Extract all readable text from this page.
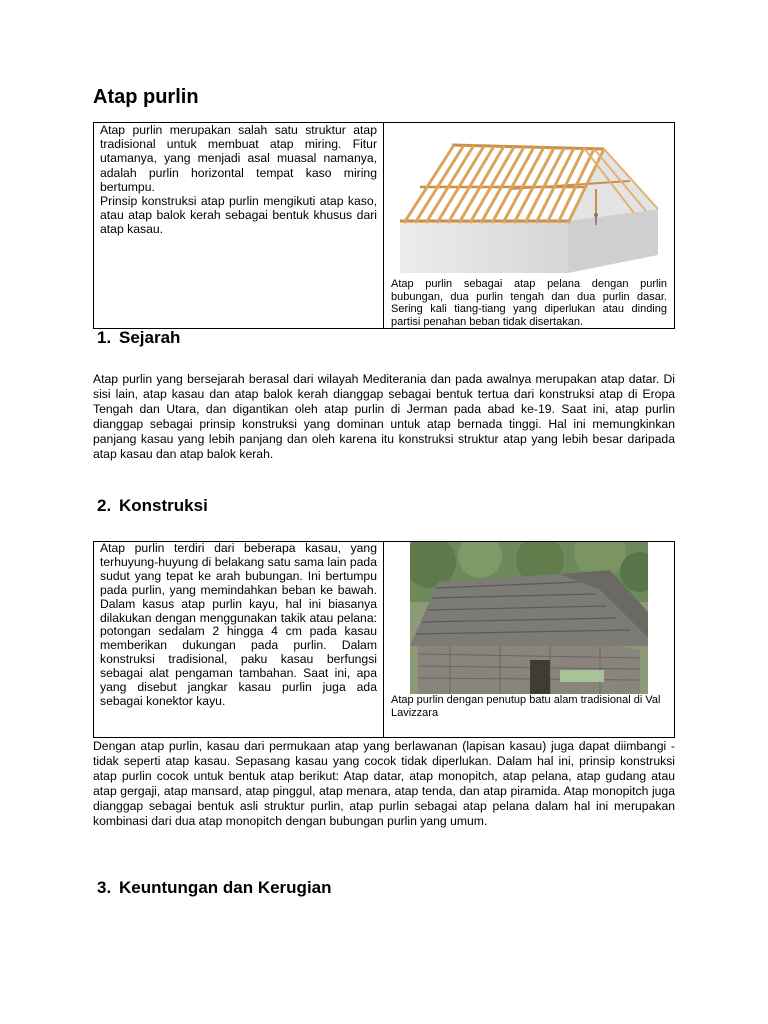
Atap purlin
Atap purlin merupakan salah satu struktur atap tradisional untuk membuat atap miring. Fitur utamanya, yang menjadi asal muasal namanya, adalah purlin horizontal tempat kaso miring bertumpu.
Prinsip konstruksi atap purlin mengikuti atap kaso, atau atap balok kerah sebagai bentuk khusus dari atap kasau.
Atap purlin sebagai atap pelana dengan purlin bubungan, dua purlin tengah dan dua purlin dasar. Sering kali tiang-tiang yang diperlukan atau dinding partisi penahan beban tidak disertakan.
1. Sejarah
Atap purlin yang bersejarah berasal dari wilayah Mediterania dan pada awalnya merupakan atap datar. Di sisi lain, atap kasau dan atap balok kerah dianggap sebagai bentuk tertua dari konstruksi atap di Eropa Tengah dan Utara, dan digantikan oleh atap purlin di Jerman pada abad ke-19. Saat ini, atap purlin dianggap sebagai prinsip konstruksi yang dominan untuk atap bernada tinggi. Hal ini memungkinkan panjang kasau yang lebih panjang dan oleh karena itu konstruksi struktur atap yang lebih besar daripada atap kasau dan atap balok kerah.
2. Konstruksi
Atap purlin terdiri dari beberapa kasau, yang terhuyung-huyung di belakang satu sama lain pada sudut yang tepat ke arah bubungan. Ini bertumpu pada purlin, yang memindahkan beban ke bawah. Dalam kasus atap purlin kayu, hal ini biasanya dilakukan dengan menggunakan takik atau pelana: potongan sedalam 2 hingga 4 cm pada kasau memberikan dukungan pada purlin. Dalam konstruksi tradisional, paku kasau berfungsi sebagai alat pengaman tambahan. Saat ini, apa yang disebut jangkar kasau purlin juga ada sebagai konektor kayu.	Atap purlin dengan penutup batu alam tradisional di Val Lavizzara
Dengan atap purlin, kasau dari permukaan atap yang berlawanan (lapisan kasau) juga dapat diimbangi - tidak seperti atap kasau. Sepasang kasau yang cocok tidak diperlukan. Dalam hal ini, prinsip konstruksi atap purlin cocok untuk bentuk atap berikut: Atap datar, atap monopitch, atap pelana, atap gudang atau atap gergaji, atap mansard, atap pinggul, atap menara, atap tenda, dan atap piramida. Atap monopitch juga dianggap sebagai bentuk asli struktur purlin, atap purlin sebagai atap pelana dalam hal ini merupakan kombinasi dari dua atap monopitch dengan bubungan purlin yang umum.
3. Keuntungan dan Kerugian
